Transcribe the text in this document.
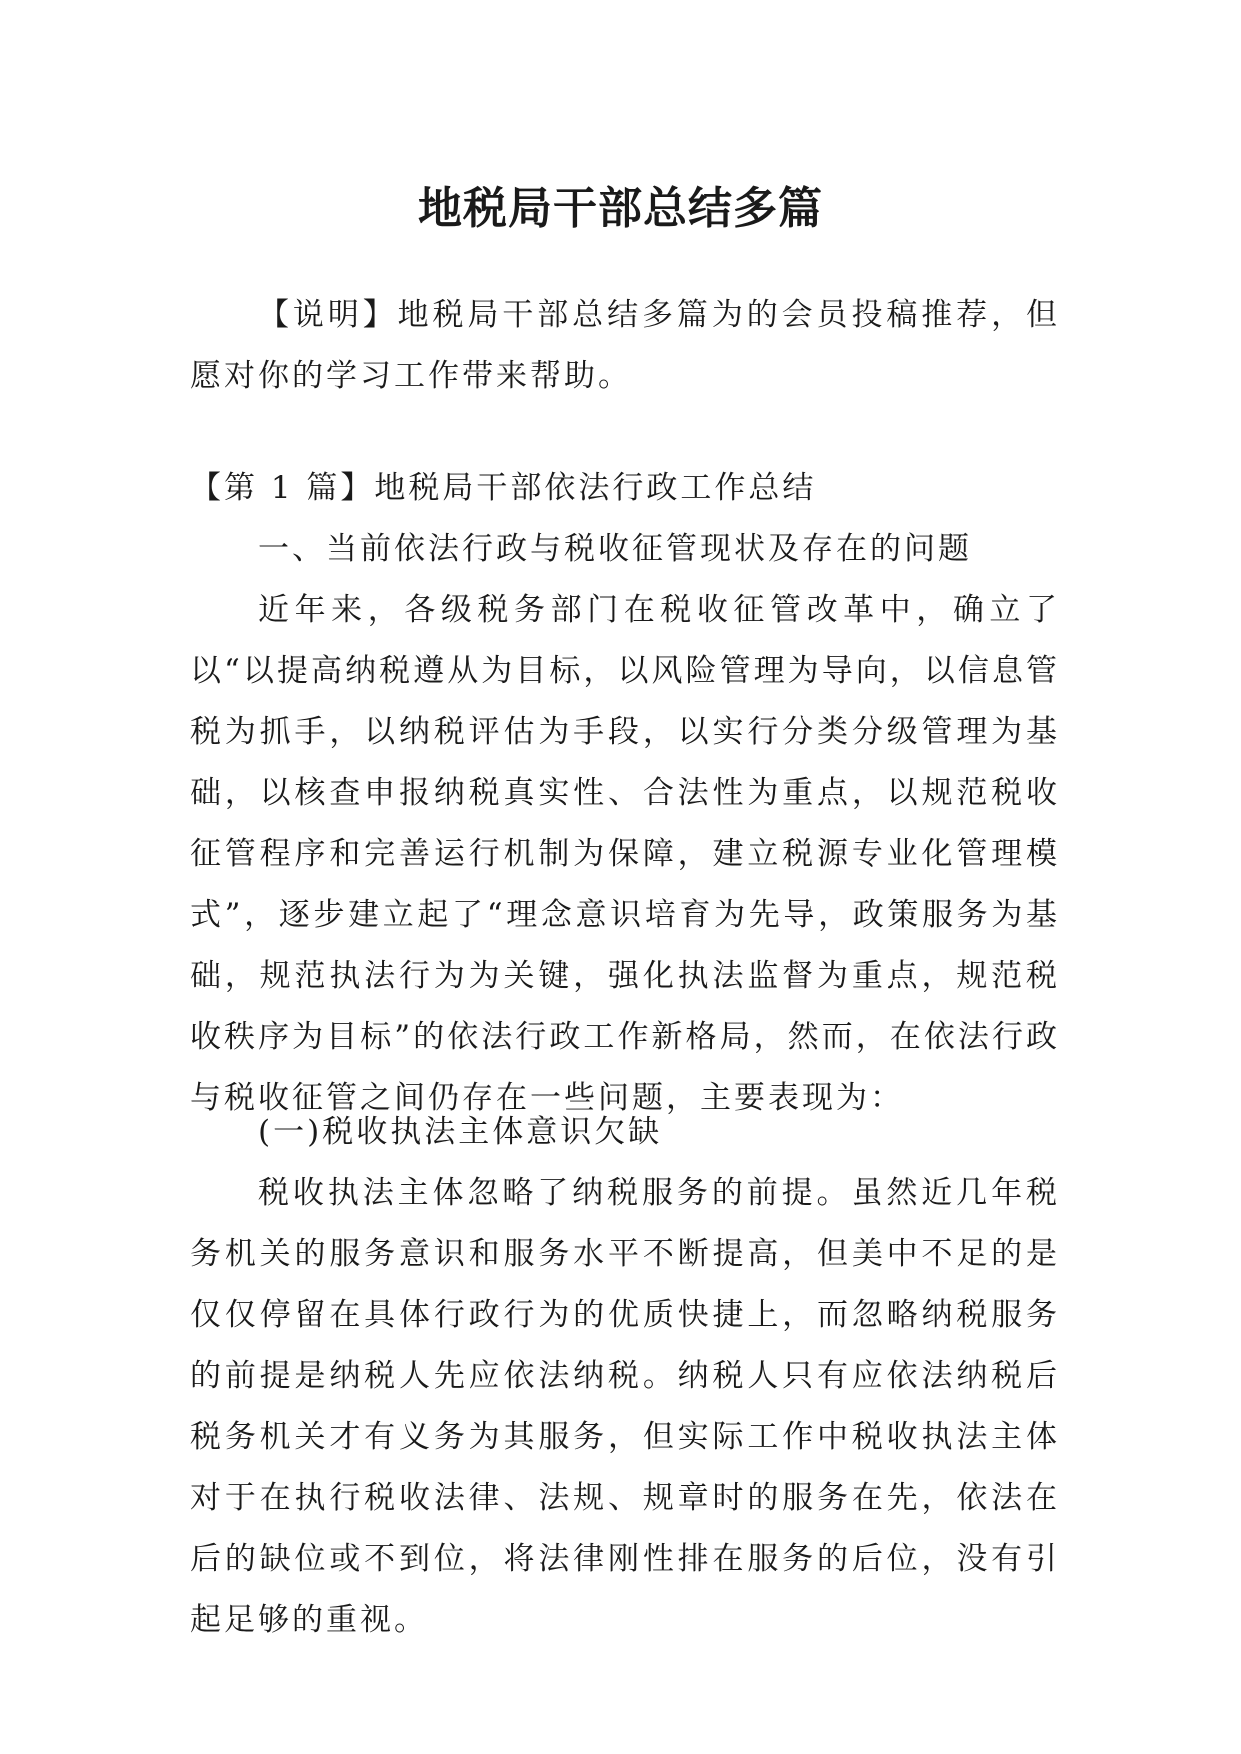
地税局干部总结多篇

【说明】地税局干部总结多篇为的会员投稿推荐，但愿对你的学习工作带来帮助。

【第 1 篇】地税局干部依法行政工作总结

一、当前依法行政与税收征管现状及存在的问题

近年来，各级税务部门在税收征管改革中，确立了以“以提高纳税遵从为目标，以风险管理为导向，以信息管税为抓手，以纳税评估为手段，以实行分类分级管理为基础，以核查申报纳税真实性、合法性为重点，以规范税收征管程序和完善运行机制为保障，建立税源专业化管理模式”，逐步建立起了“理念意识培育为先导，政策服务为基础，规范执法行为为关键，强化执法监督为重点，规范税收秩序为目标”的依法行政工作新格局，然而，在依法行政与税收征管之间仍存在一些问题，主要表现为：

(一)税收执法主体意识欠缺

税收执法主体忽略了纳税服务的前提。虽然近几年税务机关的服务意识和服务水平不断提高，但美中不足的是仅仅停留在具体行政行为的优质快捷上，而忽略纳税服务的前提是纳税人先应依法纳税。纳税人只有应依法纳税后税务机关才有义务为其服务，但实际工作中税收执法主体对于在执行税收法律、法规、规章时的服务在先，依法在后的缺位或不到位，将法律刚性排在服务的后位，没有引起足够的重视。
